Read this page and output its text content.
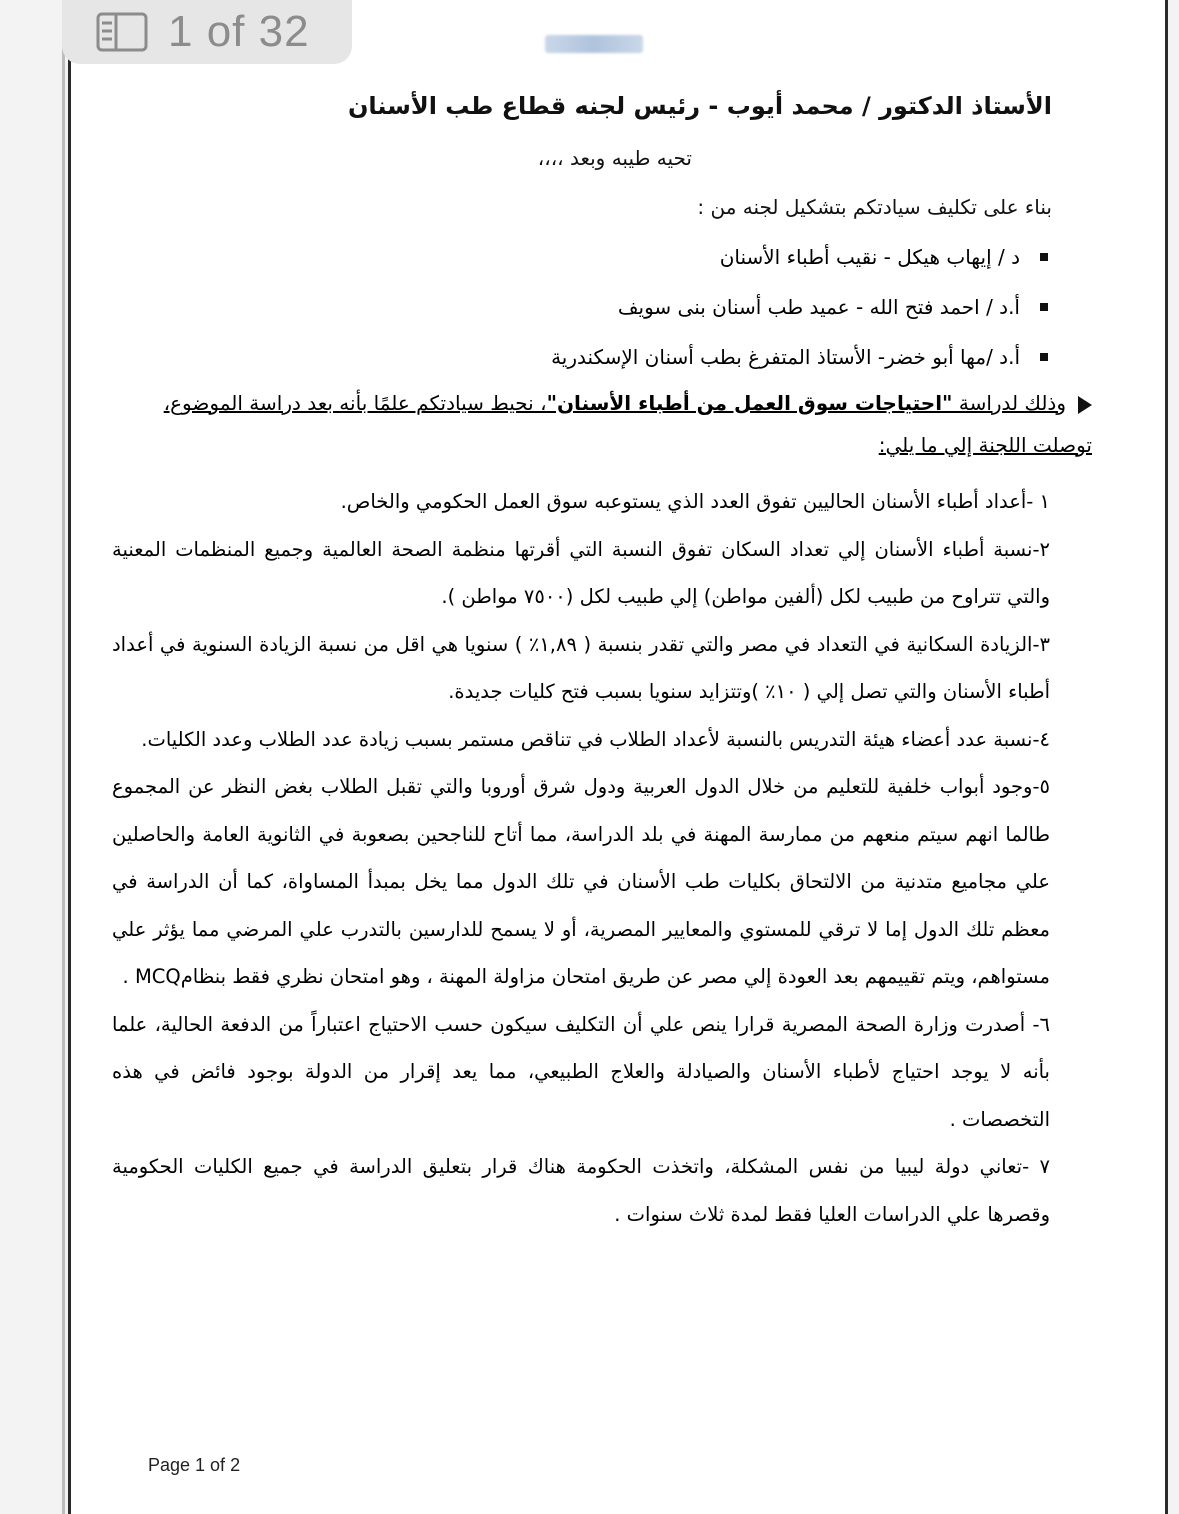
1 of 32
الأستاذ الدكتور / محمد أيوب - رئيس لجنه قطاع طب الأسنان
تحيه طيبه وبعد ،،،،
بناء على تكليف سيادتكم بتشكيل لجنه من :
د / إيهاب هيكل - نقيب أطباء الأسنان
أ.د / احمد فتح الله - عميد طب أسنان بنى سويف
أ.د /مها أبو خضر- الأستاذ المتفرغ بطب أسنان الإسكندرية
وذلك لدراسة "احتياجات سوق العمل من أطباء الأسنان"، نحيط سيادتكم علمًا بأنه بعد دراسة الموضوع،
توصلت اللجنة إلي ما يلي:

١ -أعداد أطباء الأسنان الحاليين تفوق العدد الذي يستوعبه سوق العمل الحكومي والخاص.

٢-نسبة أطباء الأسنان إلي تعداد السكان تفوق النسبة التي أقرتها منظمة الصحة العالمية وجميع المنظمات المعنية والتي تتراوح من طبيب لكل (ألفين مواطن) إلي طبيب لكل (٧٥٠٠ مواطن ).

٣-الزيادة السكانية في التعداد في مصر والتي تقدر بنسبة ( ١,٨٩٪ ) سنويا هي اقل من نسبة الزيادة السنوية في أعداد أطباء الأسنان والتي تصل إلي ( ١٠٪ )وتتزايد سنويا بسبب فتح كليات جديدة.

٤-نسبة عدد أعضاء هيئة التدريس بالنسبة لأعداد الطلاب في تناقص مستمر بسبب زيادة عدد الطلاب وعدد الكليات.

٥-وجود أبواب خلفية للتعليم من خلال الدول العربية ودول شرق أوروبا والتي تقبل الطلاب بغض النظر عن المجموع طالما انهم سيتم منعهم من ممارسة المهنة في بلد الدراسة، مما أتاح للناجحين بصعوبة في الثانوية العامة والحاصلين علي مجاميع متدنية من الالتحاق بكليات طب الأسنان في تلك الدول مما يخل بمبدأ المساواة، كما أن الدراسة في معظم تلك الدول إما لا ترقي للمستوي والمعايير المصرية، أو لا يسمح للدارسين بالتدرب علي المرضي مما يؤثر علي مستواهم، ويتم تقييمهم بعد العودة إلي مصر عن طريق امتحان مزاولة المهنة ، وهو امتحان نظري فقط بنظامMCQ .

٦- أصدرت وزارة الصحة المصرية قرارا ينص علي أن التكليف سيكون حسب الاحتياج اعتباراً من الدفعة الحالية، علما بأنه لا يوجد احتياج لأطباء الأسنان والصيادلة والعلاج الطبيعي، مما يعد إقرار من الدولة بوجود فائض في هذه التخصصات .

٧ -تعاني دولة ليبيا من نفس المشكلة، واتخذت الحكومة هناك قرار بتعليق الدراسة في جميع الكليات الحكومية وقصرها علي الدراسات العليا فقط لمدة ثلاث سنوات .

Page 1 of 2
